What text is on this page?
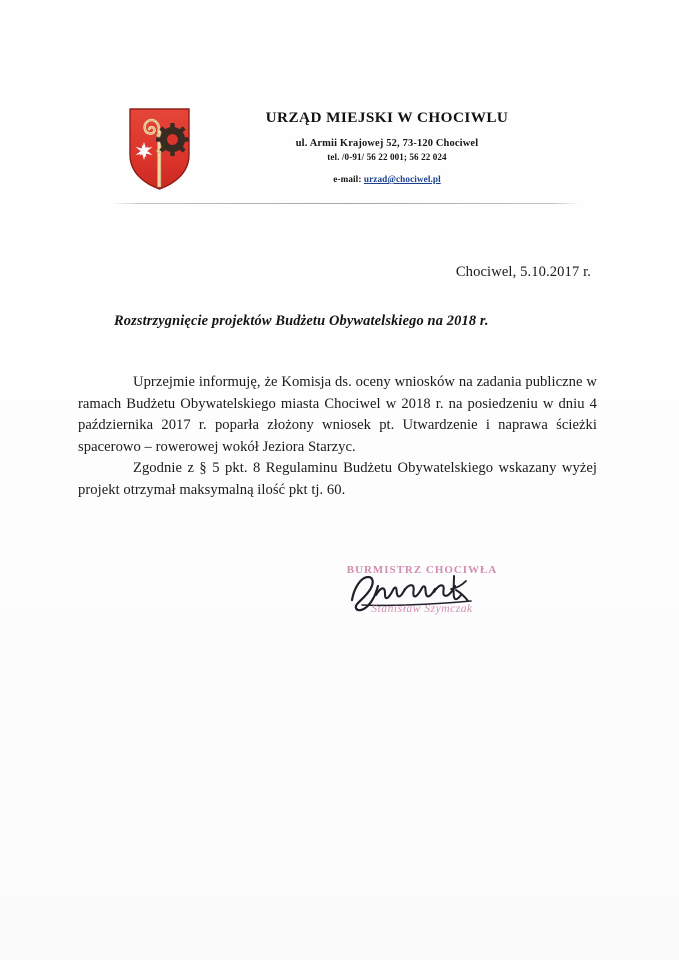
URZĄD MIEJSKI W CHOCIWLU
ul. Armii Krajowej 52, 73-120 Chociwel
tel. /0-91/ 56 22 001; 56 22 024
e-mail: urzad@chociwel.pl
Chociwel, 5.10.2017 r.
Rozstrzygnięcie projektów Budżetu Obywatelskiego na 2018 r.

Uprzejmie informuję, że Komisja ds. oceny wniosków na zadania publiczne w ramach Budżetu Obywatelskiego miasta Chociwel w 2018 r. na posiedzeniu w dniu 4 października 2017 r. poparła złożony wniosek pt. Utwardzenie i naprawa ścieżki spacerowo – rowerowej wokół Jeziora Starzyc.

Zgodnie z § 5 pkt. 8 Regulaminu Budżetu Obywatelskiego wskazany wyżej projekt otrzymał maksymalną ilość pkt tj. 60.

BURMISTRZ CHOCIWŁA
Stanisław Szymczak
